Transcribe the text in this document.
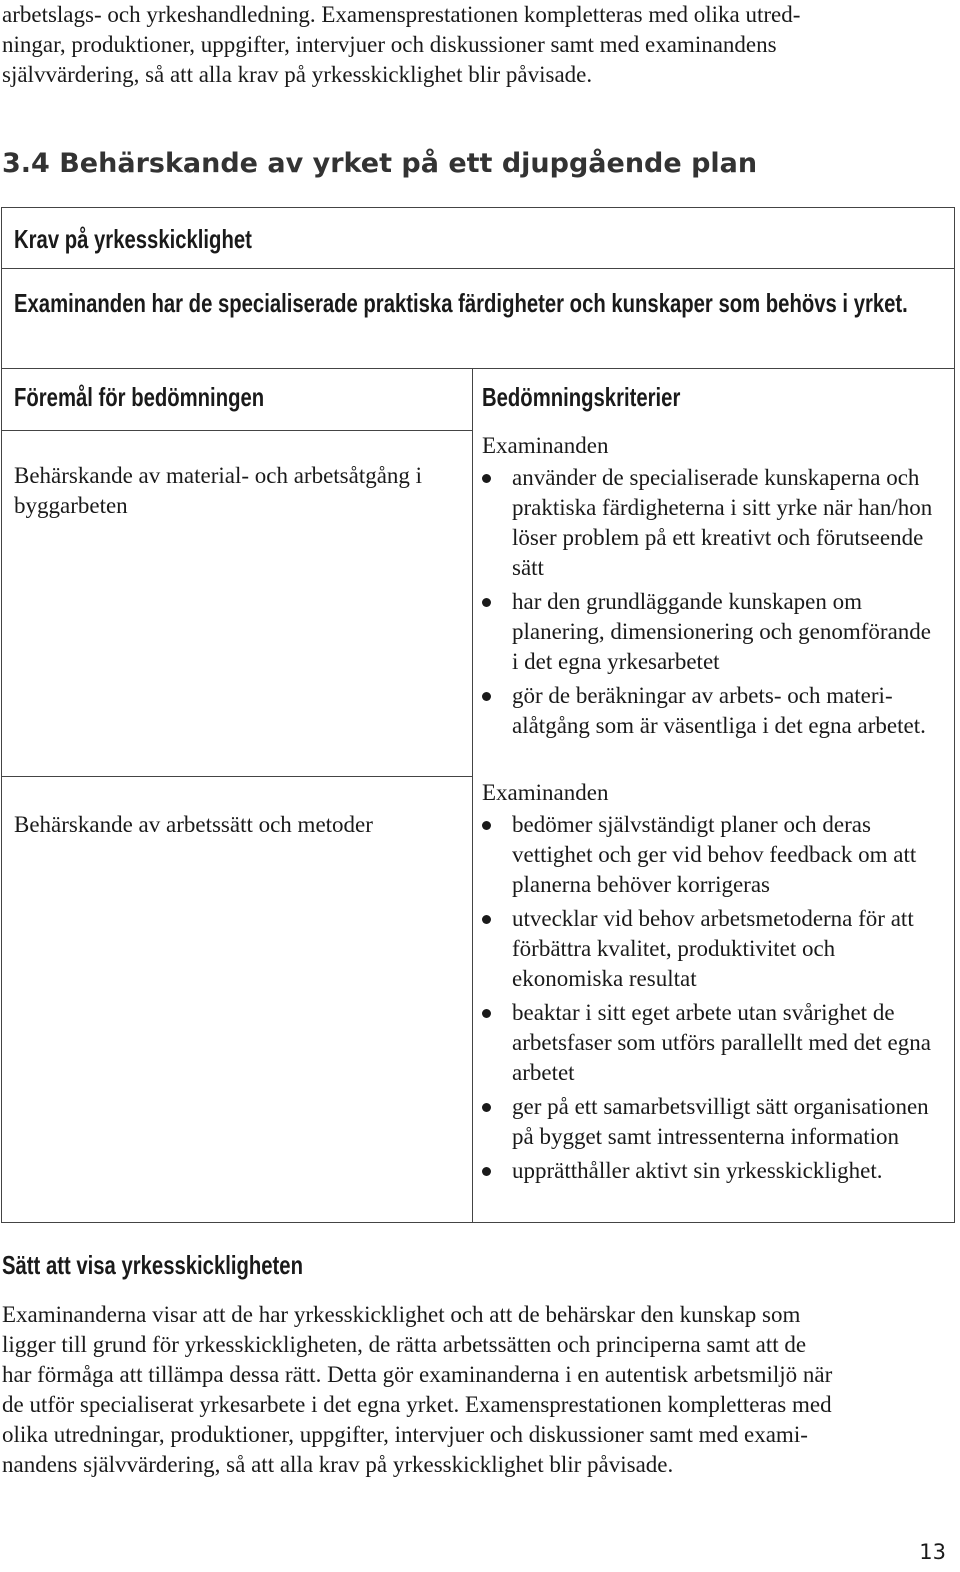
arbetslags- och yrkeshandledning. Examensprestationen kompletteras med olika utred-

ningar, produktioner, uppgifter, intervjuer och diskussioner samt med examinandens

självvärdering, så att alla krav på yrkesskicklighet blir påvisade.

3.4 Behärskande av yrket på ett djupgående plan
Krav på yrkesskicklighet
Examinanden har de specialiserade praktiska färdigheter och kunskaper som behövs i yrket.
Föremål för bedömningen	Bedömningskriterier
Behärskande av material- och arbetsåtgång i byggarbeten

Examinanden

använder de specialiserade kunskaperna och praktiska färdigheterna i sitt yrke när han/hon löser problem på ett kreativt och förutseende sätt
har den grundläggande kunskapen om planering, dimensionering och genomförande i det egna yrkesarbetet
gör de beräkningar av arbets- och materialåtgång som är väsentliga i det egna arbetet.
Behärskande av arbetssätt och metoder

Examinanden

bedömer självständigt planer och deras vettighet och ger vid behov feedback om att planerna behöver korrigeras
utvecklar vid behov arbetsmetoderna för att förbättra kvalitet, produktivitet och ekonomiska resultat
beaktar i sitt eget arbete utan svårighet de arbetsfaser som utförs parallellt med det egna arbetet
ger på ett samarbetsvilligt sätt organisationen på bygget samt intressenterna information
upprätthåller aktivt sin yrkesskicklighet.
Sätt att visa yrkesskickligheten

Examinanderna visar att de har yrkesskicklighet och att de behärskar den kunskap som

ligger till grund för yrkesskickligheten, de rätta arbetssätten och principerna samt att de

har förmåga att tillämpa dessa rätt. Detta gör examinanderna i en autentisk arbetsmiljö när

de utför specialiserat yrkesarbete i det egna yrket. Examensprestationen kompletteras med

olika utredningar, produktioner, uppgifter, intervjuer och diskussioner samt med exami-

nandens självvärdering, så att alla krav på yrkesskicklighet blir påvisade.

13
